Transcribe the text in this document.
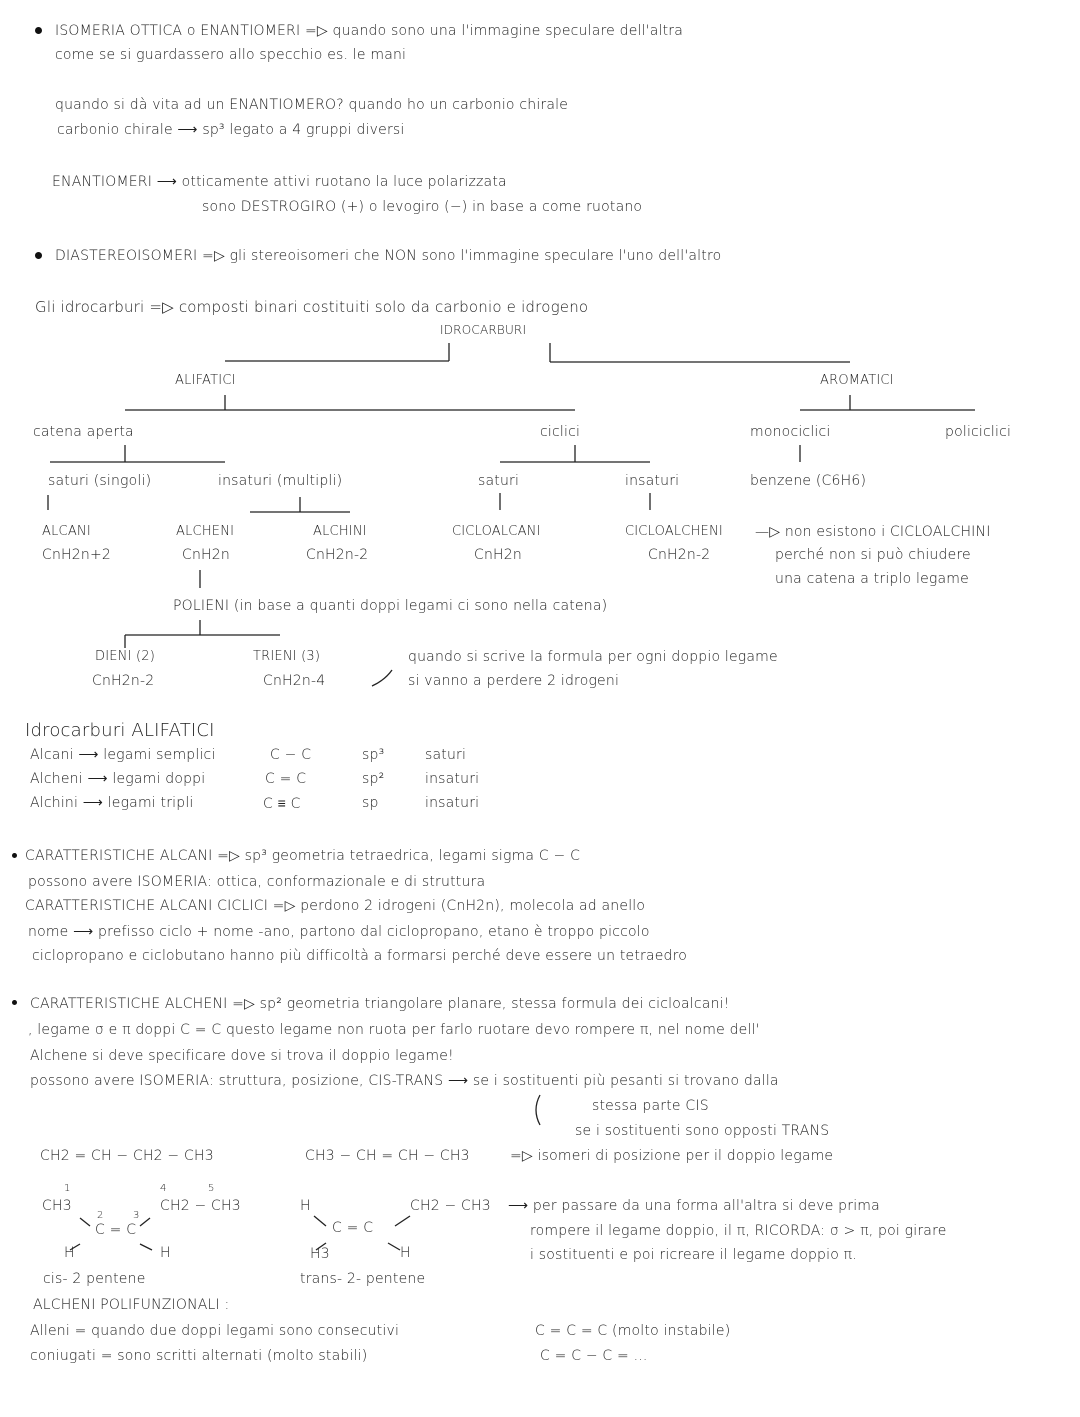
ISOMERIA OTTICA o ENANTIOMERI =▷ quando sono una l'immagine speculare dell'altra
come se si guardassero allo specchio es. le mani
quando si dà vita ad un ENANTIOMERO? quando ho un carbonio chirale
carbonio chirale ⟶ sp³ legato a 4 gruppi diversi
ENANTIOMERI ⟶ otticamente attivi ruotano la luce polarizzata
sono DESTROGIRO (+) o levogiro (−) in base a come ruotano
DIASTEREOISOMERI =▷ gli stereoisomeri che NON sono l'immagine speculare l'uno dell'altro
Gli idrocarburi =▷ composti binari costituiti solo da carbonio e idrogeno
IDROCARBURI
ALIFATICI	AROMATICI
catena aperta	ciclici	monociclici	policiclici
saturi (singoli)	insaturi (multipli)	saturi	insaturi	benzene (C6H6)
ALCANI
CnH2n+2
ALCHENI
CnH2n
ALCHINI
CnH2n-2
CICLOALCANI
CnH2n
CICLOALCHENI
CnH2n-2
—▷ non esistono i CICLOALCHINI
perché non si può chiudere
una catena a triplo legame
POLIENI (in base a quanti doppi legami ci sono nella catena)
DIENI (2)
CnH2n-2
TRIENI (3)
CnH2n-4
quando si scrive la formula per ogni doppio legame
si vanno a perdere 2 idrogeni
Idrocarburi ALIFATICI
Alcani ⟶ legami semplici	C − C	sp³	saturi
Alcheni ⟶ legami doppi	C = C	sp²	insaturi
Alchini ⟶ legami tripli	C ≡ C	sp	insaturi
CARATTERISTICHE ALCANI =▷ sp³ geometria tetraedrica, legami sigma C − C
possono avere ISOMERIA: ottica, conformazionale e di struttura
CARATTERISTICHE ALCANI CICLICI =▷ perdono 2 idrogeni (CnH2n), molecola ad anello
nome ⟶ prefisso ciclo + nome -ano, partono dal ciclopropano, etano è troppo piccolo
ciclopropano e ciclobutano hanno più difficoltà a formarsi perché deve essere un tetraedro
CARATTERISTICHE ALCHENI =▷ sp² geometria triangolare planare, stessa formula dei cicloalcani!
, legame σ e π doppi C = C questo legame non ruota per farlo ruotare devo rompere π, nel nome dell'
Alchene si deve specificare dove si trova il doppio legame!
possono avere ISOMERIA: struttura, posizione, CIS-TRANS ⟶ se i sostituenti più pesanti si trovano dalla
stessa parte CIS
se i sostituenti sono opposti TRANS
CH2 = CH − CH2 − CH3	CH3 − CH = CH − CH3	=▷ isomeri di posizione per il doppio legame
1	4	5
CH3	CH2 − CH3
2	3
C = C
H	H
cis- 2 pentene
H	CH2 − CH3
C = C
H3	H
trans- 2- pentene
⟶ per passare da una forma all'altra si deve prima
rompere il legame doppio, il π, RICORDA: σ > π, poi girare
i sostituenti e poi ricreare il legame doppio π.
ALCHENI POLIFUNZIONALI :
Alleni = quando due doppi legami sono consecutivi	C = C = C (molto instabile)
coniugati = sono scritti alternati (molto stabili)	C = C − C = ...
